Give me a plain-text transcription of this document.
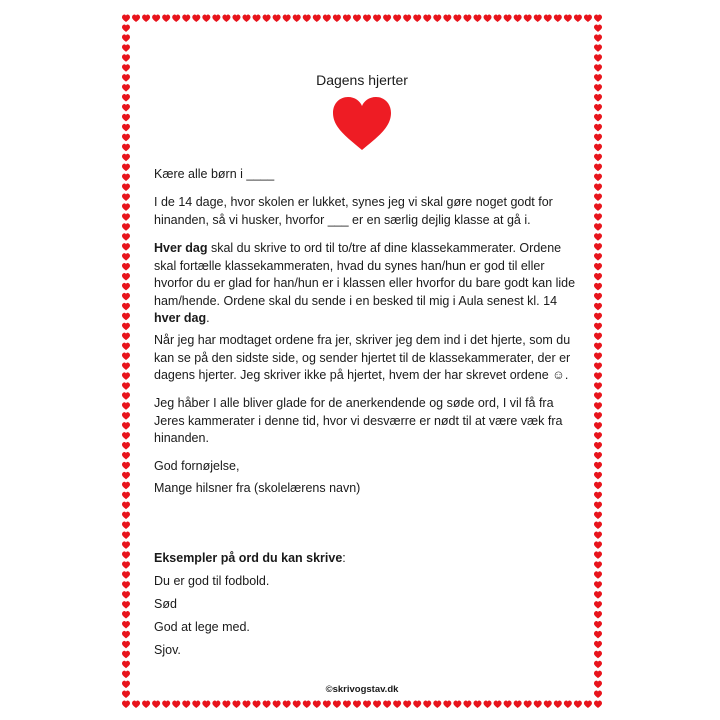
Dagens hjerter

Kære alle børn i ____

I de 14 dage, hvor skolen er lukket, synes jeg vi skal gøre noget godt for hinanden, så vi husker, hvorfor ___ er en særlig dejlig klasse at gå i.

Hver dag skal du skrive to ord til to/tre af dine klassekammerater. Ordene skal fortælle klassekammeraten, hvad du synes han/hun er god til eller hvorfor du er glad for han/hun er i klassen eller hvorfor du bare godt kan lide ham/hende. Ordene skal du sende i en besked til mig i Aula senest kl. 14 hver dag.

Når jeg har modtaget ordene fra jer, skriver jeg dem ind i det hjerte, som du kan se på den sidste side, og sender hjertet til de klassekammerater, der er dagens hjerter. Jeg skriver ikke på hjertet, hvem der har skrevet ordene ☺.

Jeg håber I alle bliver glade for de anerkendende og søde ord, I vil få fra Jeres kammerater i denne tid, hvor vi desværre er nødt til at være væk fra hinanden.

God fornøjelse,

Mange hilsner fra (skolelærens navn)

Eksempler på ord du kan skrive:

Du er god til fodbold.

Sød

God at lege med.

Sjov.

©skrivogstav.dk
